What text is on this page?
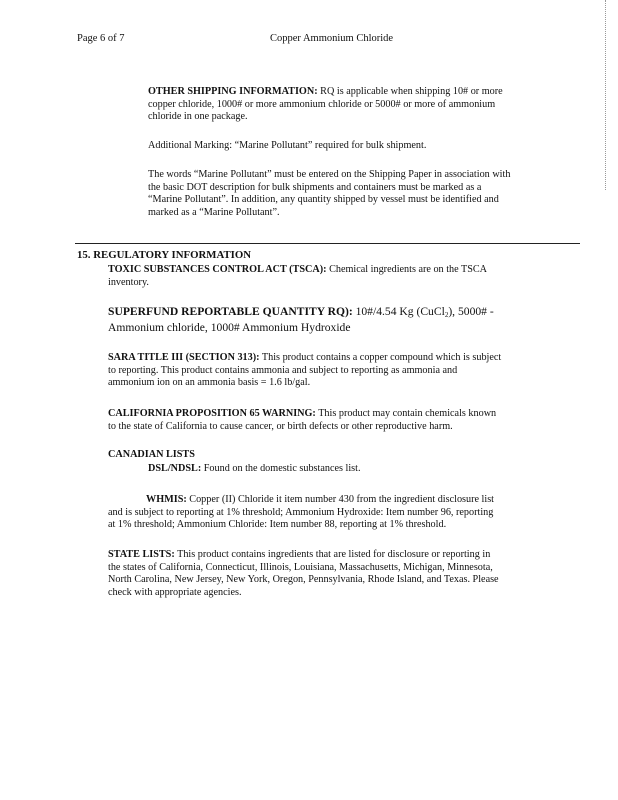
Page 6 of 7	Copper Ammonium Chloride
OTHER SHIPPING INFORMATION: RQ is applicable when shipping 10# or more
copper chloride, 1000# or more ammonium chloride or 5000# or more of ammonium
chloride in one package.
Additional Marking: “Marine Pollutant” required for bulk shipment.
The words “Marine Pollutant” must be entered on the Shipping Paper in association with
the basic DOT description for bulk shipments and containers must be marked as a
“Marine Pollutant”. In addition, any quantity shipped by vessel must be identified and
marked as a “Marine Pollutant”.
15. REGULATORY INFORMATION
TOXIC SUBSTANCES CONTROL ACT (TSCA): Chemical ingredients are on the TSCA
inventory.
SUPERFUND REPORTABLE QUANTITY RQ): 10#/4.54 Kg (CuCl$_2$), 5000# -
Ammonium chloride, 1000# Ammonium Hydroxide
SARA TITLE III (SECTION 313): This product contains a copper compound which is subject
to reporting. This product contains ammonia and subject to reporting as ammonia and
ammonium ion on an ammonia basis = 1.6 lb/gal.
CALIFORNIA PROPOSITION 65 WARNING: This product may contain chemicals known
to the state of California to cause cancer, or birth defects or other reproductive harm.
CANADIAN LISTS
DSL/NDSL: Found on the domestic substances list.
WHMIS: Copper (II) Chloride it item number 430 from the ingredient disclosure list
and is subject to reporting at 1% threshold; Ammonium Hydroxide: Item number 96, reporting
at 1% threshold; Ammonium Chloride: Item number 88, reporting at 1% threshold.
STATE LISTS: This product contains ingredients that are listed for disclosure or reporting in
the states of California, Connecticut, Illinois, Louisiana, Massachusetts, Michigan, Minnesota,
North Carolina, New Jersey, New York, Oregon, Pennsylvania, Rhode Island, and Texas. Please
check with appropriate agencies.
